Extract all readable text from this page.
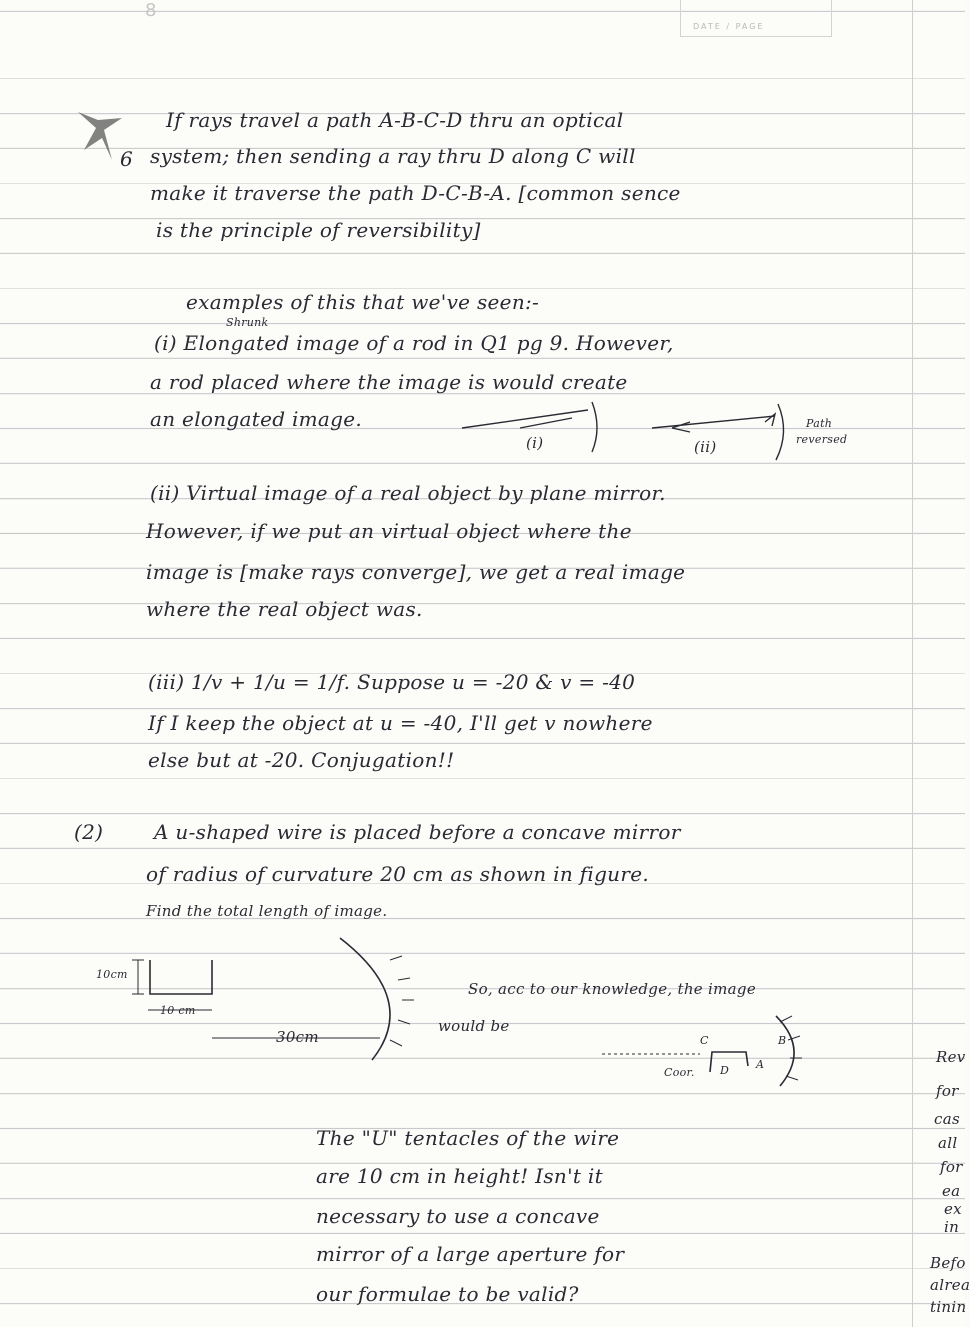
8
DATE / PAGE
6
If rays travel a path A-B-C-D thru an optical
system; then sending a ray thru D along C will
make it traverse the path D-C-B-A. [common sence
is the principle of reversibility]
examples of this that we've seen:-
Shrunk
(i) Elongated image of a rod in Q1 pg 9. However,
a rod placed where the image is would create
an elongated image.
(i)	(ii)
Path
reversed
(ii) Virtual image of a real object by plane mirror.
However, if we put an virtual object where the
image is [make rays converge], we get a real image
where the real object was.
(iii) 1/v + 1/u = 1/f. Suppose u = -20 & v = -40
If I keep the object at u = -40, I'll get v nowhere
else but at -20. Conjugation!!
(2)	A u-shaped wire is placed before a concave mirror
of radius of curvature 20 cm as shown in figure.
Find the total length of image.
10cm
10 cm
30cm
So, acc to our knowledge, the image
would be
C	B
D A
Coor.
The "U" tentacles of the wire
are 10 cm in height! Isn't it
necessary to use a concave
mirror of a large aperture for
our formulae to be valid?
Rev
for
cas
all
for
ea
ex
in
Befo
alrea
tinin
